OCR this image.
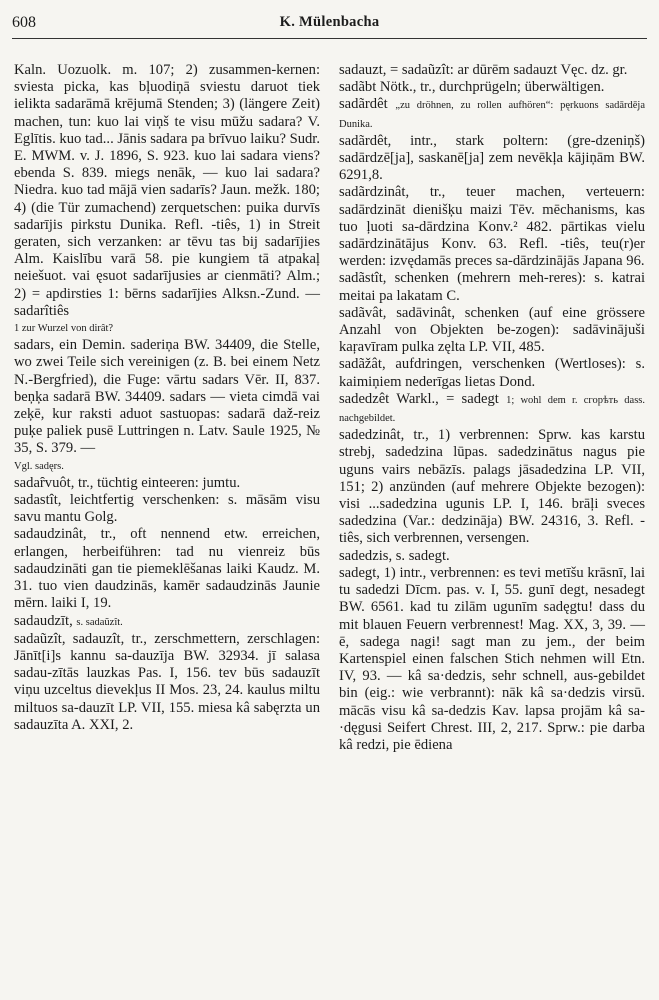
608	K. Mülenbacha

Kaln. Uozuolk. m. 107; 2) zusammen-kernen: sviesta picka, kas bļuodiņā sviestu daruot tiek ielikta sadarāmā krējumā Stenden; 3) (längere Zeit) machen, tun: kuo lai viņš te visu mūžu sadara? V. Eglītis. kuo tad... Jānis sadara pa brīvuo laiku? Sudr. E. MWM. v. J. 1896, S. 923. kuo lai sadara viens? ebenda S. 839. miegs nenāk, — kuo lai sadara? Niedra. kuo tad mājā vien sadarīs? Jaun. mežk. 180; 4) (die Tür zumachend) zerquetschen: puika durvīs sadarījis pirkstu Dunika. Refl. -tiês, 1) in Streit geraten, sich verzanken: ar tēvu tas bij sadarījies Alm. Kaislību varā 58. pie kungiem tā atpakaļ neiešuot. vai ęsuot sadarījusies ar cienmāti? Alm.; 2) = apdirsties 1: bērns sadarījies Alksn.-Zund. — sadarîtiês

1 zur Wurzel von dirât?

sadars, ein Demin. saderiņa BW. 34409, die Stelle, wo zwei Teile sich vereinigen (z. B. bei einem Netz N.-Bergfried), die Fuge: vārtu sadars Vēr. II, 837. beņķa sadarā BW. 34409. sadars — vieta cimdā vai zeķē, kur raksti aduot sastuopas: sadarā daž-reiz puķe paliek pusē Luttringen n. Latv. Saule 1925, № 35, S. 379. —

Vgl. sadęrs.

sadaȓvuôt, tr., tüchtig einteeren: jumtu.

sadastît, leichtfertig verschenken: s. māsām visu savu mantu Golg.

sadaudzinât, tr., oft nennend etw. erreichen, erlangen, herbeiführen: tad nu vienreiz būs sadaudzināti gan tie piemeklēšanas laiki Kaudz. M. 31. tuo vien daudzinās, kamēr sadaudzinās Jaunie mērn. laiki I, 19.

sadaudzīt, s. sadaũzît.

sadaũzît, sadauzît, tr., zerschmettern, zerschlagen: Jānīt[i]s kannu sa-dauzīja BW. 32934. jī salasa sadau-zītās lauzkas Pas. I, 156. tev būs sadauzīt viņu uzceltus dievekļus II Mos. 23, 24. kaulus miltu miltuos sa-dauzīt LP. VII, 155. miesa kâ sabęrzta un sadauzīta A. XXI, 2.

sadauzt, = sadaũzît: ar dūrēm sadauzt Vęc. dz. gr.

sadãbt Nötk., tr., durchprügeln; überwältigen.

sadãrdêt „zu dröhnen, zu rollen aufhören“: pęrkuons sadārdēja Dunika.

sadãrdêt, intr., stark poltern: (gre-dzeniņš) sadārdzē[ja], saskanē[ja] zem nevēkļa kājiņām BW. 6291,8.

sadãrdzinât, tr., teuer machen, verteuern: sadārdzināt dienišķu maizi Tēv. mēchanisms, kas tuo ļuoti sa-dārdzina Konv.² 482. pārtikas vielu sadārdzinātājus Konv. 63. Refl. -tiês, teu(r)er werden: izvędamās preces sa-dārdzinājās Japana 96.

sadãstît, schenken (mehrern meh-reres): s. katrai meitai pa lakatam C.

sadãvât, sadāvinât, schenken (auf eine grössere Anzahl von Objekten be-zogen): sadāvinājuši kaŗavīram pulka zęlta LP. VII, 485.

sadãžât, aufdringen, verschenken (Wertloses): s. kaimiņiem nederīgas lietas Dond.

sadedzêt Warkl., = sadegt 1; wohl dem r. сгорѣть dass. nachgebildet.

sadedzinât, tr., 1) verbrennen: Sprw. kas karstu strebj, sadedzina lūpas. sadedzinātus nagus pie uguns vairs nebāzīs. palags jāsadedzina LP. VII, 151; 2) anzünden (auf mehrere Objekte bezogen): visi ...sadedzina ugunis LP. I, 146. brāļi sveces sadedzina (Var.: dedzināja) BW. 24316, 3. Refl. -tiês, sich verbrennen, versengen.

sadedzis, s. sadegt.

sadegt, 1) intr., verbrennen: es tevi metīšu krāsnī, lai tu sadedzi Dīcm. pas. v. I, 55. gunī degt, nesadegt BW. 6561. kad tu zilām ugunīm sadęgtu! dass du mit blauen Feuern verbrennest! Mag. XX, 3, 39. — ē, sadega nagi! sagt man zu jem., der beim Kartenspiel einen falschen Stich nehmen will Etn. IV, 93. — kâ sa·dedzis, sehr schnell, aus-gebildet bin (eig.: wie verbrannt): nāk kâ sa·dedzis virsū. mācās visu kâ sa-dedzis Kav. lapsa projām kâ sa-·dęgusi Seifert Chrest. III, 2, 217. Sprw.: pie darba kâ redzi, pie ēdiena
